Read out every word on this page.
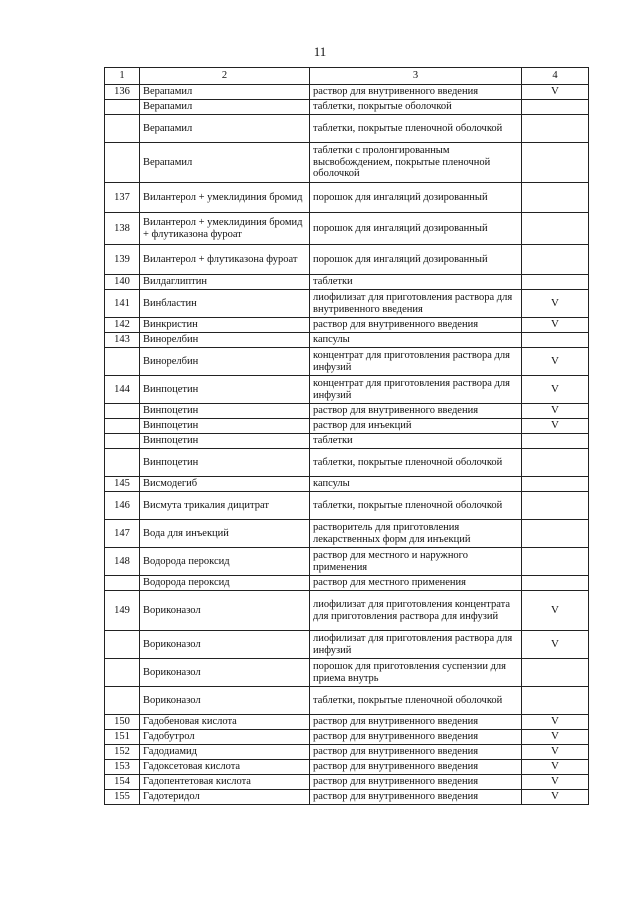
11
1	2	3	4
136	Верапамил	раствор для внутривенного введения	V
	Верапамил	таблетки, покрытые оболочкой	
	Верапамил	таблетки, покрытые пленочной оболочкой	
	Верапамил	таблетки с пролонгированным высвобождением, покрытые пленочной оболочкой	
137	Вилантерол + умеклидиния бромид	порошок для ингаляций дозированный	
138	Вилантерол + умеклидиния бромид + флутиказона фуроат	порошок для ингаляций дозированный	
139	Вилантерол + флутиказона фуроат	порошок для ингаляций дозированный	
140	Вилдаглиптин	таблетки	
141	Винбластин	лиофилизат для приготовления раствора для внутривенного введения	V
142	Винкристин	раствор для внутривенного введения	V
143	Винорелбин	капсулы	
	Винорелбин	концентрат для приготовления раствора для инфузий	V
144	Винпоцетин	концентрат для приготовления раствора для инфузий	V
	Винпоцетин	раствор для внутривенного введения	V
	Винпоцетин	раствор для инъекций	V
	Винпоцетин	таблетки	
	Винпоцетин	таблетки, покрытые пленочной оболочкой	
145	Висмодегиб	капсулы	
146	Висмута трикалия дицитрат	таблетки, покрытые пленочной оболочкой	
147	Вода для инъекций	растворитель для приготовления лекарственных форм для инъекций	
148	Водорода пероксид	раствор для местного и наружного применения	
	Водорода пероксид	раствор для местного применения	
149	Вориконазол	лиофилизат для приготовления концентрата для приготовления раствора для инфузий	V
	Вориконазол	лиофилизат для приготовления раствора для инфузий	V
	Вориконазол	порошок для приготовления суспензии для приема внутрь	
	Вориконазол	таблетки, покрытые пленочной оболочкой	
150	Гадобеновая кислота	раствор для внутривенного введения	V
151	Гадобутрол	раствор для внутривенного введения	V
152	Гадодиамид	раствор для внутривенного введения	V
153	Гадоксетовая кислота	раствор для внутривенного введения	V
154	Гадопентетовая кислота	раствор для внутривенного введения	V
155	Гадотеридол	раствор для внутривенного введения	V
